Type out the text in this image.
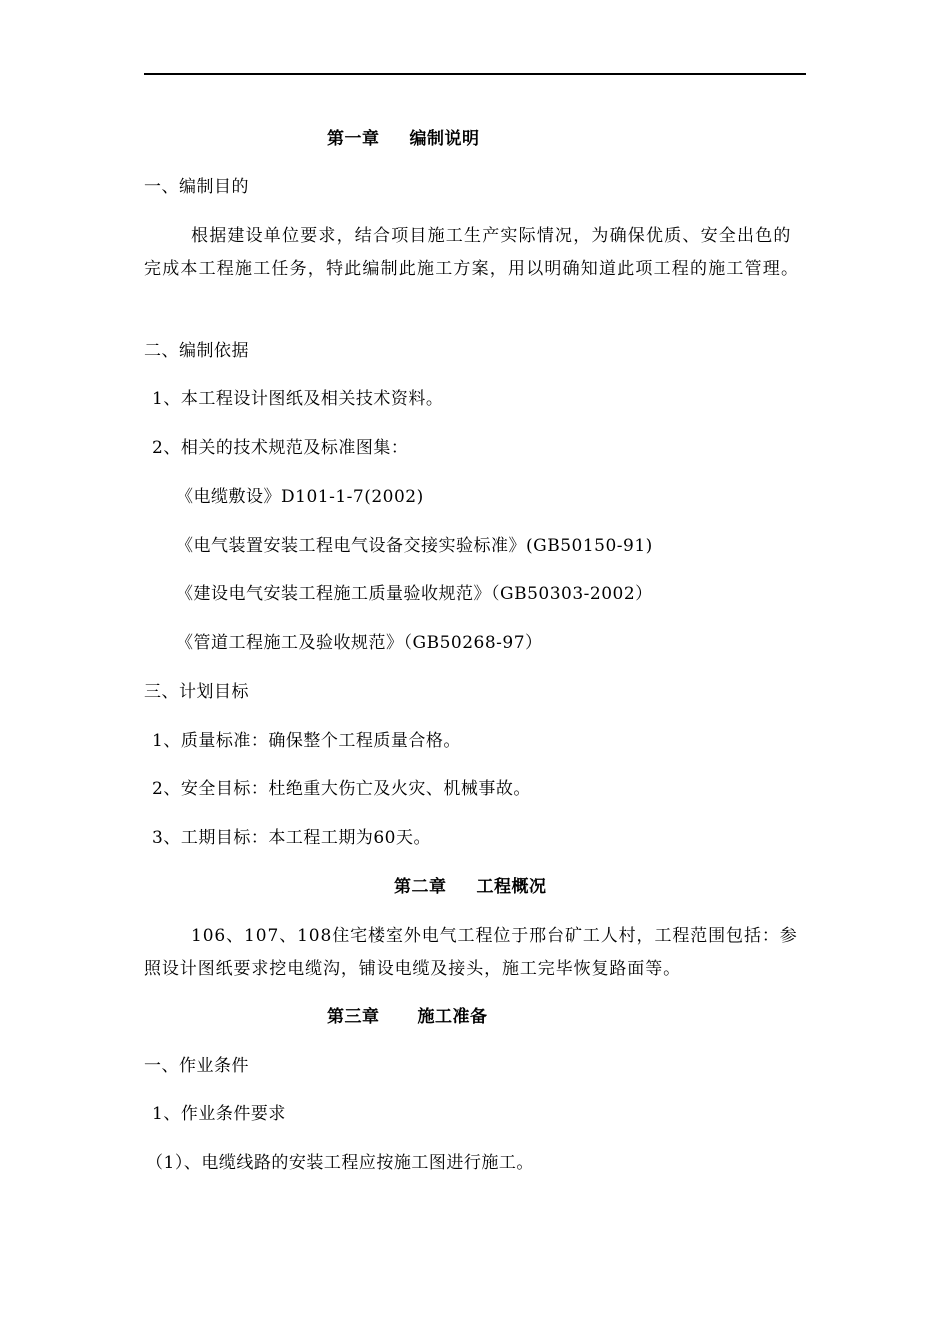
第一章 编制说明
一、编制目的
根据建设单位要求，结合项目施工生产实际情况，为确保优质、安全出色的完成本工程施工任务，特此编制此施工方案，用以明确知道此项工程的施工管理。
二、编制依据
1、本工程设计图纸及相关技术资料。
2、相关的技术规范及标准图集：
《电缆敷设》D101-1-7(2002)
《电气装置安装工程电气设备交接实验标准》(GB50150-91)
《建设电气安装工程施工质量验收规范》（GB50303-2002）
《管道工程施工及验收规范》（GB50268-97）
三、计划目标
1、质量标准：确保整个工程质量合格。
2、安全目标：杜绝重大伤亡及火灾、机械事故。
3、工期目标：本工程工期为60天。
第二章 工程概况
106、107、108住宅楼室外电气工程位于邢台矿工人村，工程范围包括：参照设计图纸要求挖电缆沟，铺设电缆及接头，施工完毕恢复路面等。
第三章 施工准备
一、作业条件
1、作业条件要求
（1）、电缆线路的安装工程应按施工图进行施工。
